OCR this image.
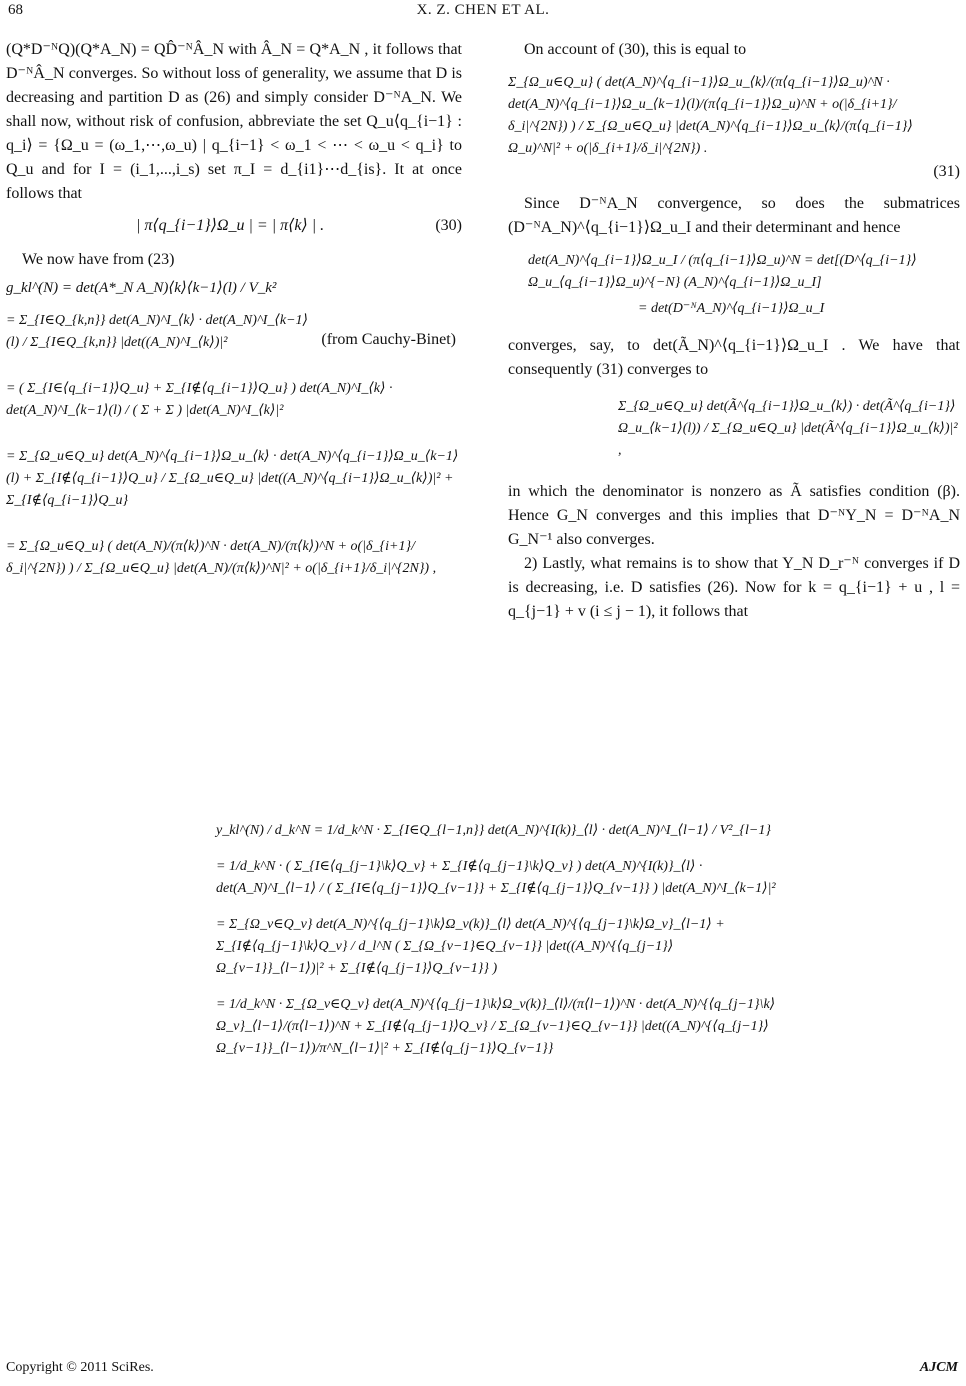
68	X. Z. CHEN ET AL.

(Q*D⁻ᴺQ)(Q*A_N) = QD̂⁻ᴺÂ_N with Â_N = Q*A_N , it follows that D⁻ᴺÂ_N converges. So without loss of generality, we assume that D is decreasing and partition D as (26) and simply consider D⁻ᴺA_N. We shall now, without risk of confusion, abbreviate the set Q_u⟨q_{i−1} : q_i⟩ = {Ω_u = (ω_1,⋯,ω_u) | q_{i−1} < ω_1 < ⋯ < ω_u < q_i} to Q_u and for I = (i_1,...,i_s) set π_I = d_{i1}⋯d_{is}. It at once follows that

| π⟨q_{i−1}⟩Ω_u | = | π⟨k⟩ | .	(30)

We now have from (23)

g_kl^(N) = det(A*_N A_N)⟨k⟩⟨k−1⟩(l) / V_k²
= Σ_{I∈Q_{k,n}} det(A_N)^I_⟨k⟩ · det(A_N)^I_⟨k−1⟩(l) / Σ_{I∈Q_{k,n}} |det((A_N)^I_⟨k⟩)|²	(from Cauchy-Binet)
= ( Σ_{I∈⟨q_{i−1}⟩Q_u} + Σ_{I∉⟨q_{i−1}⟩Q_u} ) det(A_N)^I_⟨k⟩ · det(A_N)^I_⟨k−1⟩(l) / ( Σ + Σ ) |det(A_N)^I_⟨k⟩|²
= Σ_{Ω_u∈Q_u} det(A_N)^⟨q_{i−1}⟩Ω_u_⟨k⟩ · det(A_N)^⟨q_{i−1}⟩Ω_u_⟨k−1⟩(l) + Σ_{I∉⟨q_{i−1}⟩Q_u} / Σ_{Ω_u∈Q_u} |det((A_N)^⟨q_{i−1}⟩Ω_u_⟨k⟩)|² + Σ_{I∉⟨q_{i−1}⟩Q_u}
= Σ_{Ω_u∈Q_u} ( det(A_N)/(π⟨k⟩)^N · det(A_N)/(π⟨k⟩)^N + o(|δ_{i+1}/δ_i|^{2N}) ) / Σ_{Ω_u∈Q_u} |det(A_N)/(π⟨k⟩)^N|² + o(|δ_{i+1}/δ_i|^{2N}) ,

On account of (30), this is equal to

Σ_{Ω_u∈Q_u} ( det(A_N)^⟨q_{i−1}⟩Ω_u_⟨k⟩/(π⟨q_{i−1}⟩Ω_u)^N · det(A_N)^⟨q_{i−1}⟩Ω_u_⟨k−1⟩(l)/(π⟨q_{i−1}⟩Ω_u)^N + o(|δ_{i+1}/δ_i|^{2N}) ) / Σ_{Ω_u∈Q_u} |det(A_N)^⟨q_{i−1}⟩Ω_u_⟨k⟩/(π⟨q_{i−1}⟩Ω_u)^N|² + o(|δ_{i+1}/δ_i|^{2N}) .
(31)

Since D⁻ᴺA_N convergence, so does the submatrices (D⁻ᴺA_N)^⟨q_{i−1}⟩Ω_u_I and their determinant and hence

det(A_N)^⟨q_{i−1}⟩Ω_u_I / (π⟨q_{i−1}⟩Ω_u)^N = det[(D^⟨q_{i−1}⟩Ω_u_⟨q_{i−1}⟩Ω_u)^{−N} (A_N)^⟨q_{i−1}⟩Ω_u_I]
= det(D⁻ᴺA_N)^⟨q_{i−1}⟩Ω_u_I

converges, say, to det(Ã_N)^⟨q_{i−1}⟩Ω_u_I . We have that consequently (31) converges to

Σ_{Ω_u∈Q_u} det(Ã^⟨q_{i−1}⟩Ω_u_⟨k⟩) · det(Ã^⟨q_{i−1}⟩Ω_u_⟨k−1⟩(l)) / Σ_{Ω_u∈Q_u} |det(Ã^⟨q_{i−1}⟩Ω_u_⟨k⟩)|² ,

in which the denominator is nonzero as Ã satisfies condition (β). Hence G_N converges and this implies that D⁻ᴺY_N = D⁻ᴺA_N G_N⁻¹ also converges.

2) Lastly, what remains is to show that Y_N D_r⁻ᴺ converges if D is decreasing, i.e. D satisfies (26). Now for k = q_{i−1} + u , l = q_{j−1} + v (i ≤ j − 1), it follows that

y_kl^(N) / d_k^N = 1/d_k^N · Σ_{I∈Q_{l−1,n}} det(A_N)^{I(k)}_⟨l⟩ · det(A_N)^I_⟨l−1⟩ / V²_{l−1}
= 1/d_k^N · ( Σ_{I∈⟨q_{j−1}\k⟩Q_v} + Σ_{I∉⟨q_{j−1}\k⟩Q_v} ) det(A_N)^{I(k)}_⟨l⟩ · det(A_N)^I_⟨l−1⟩ / ( Σ_{I∈⟨q_{j−1}⟩Q_{v−1}} + Σ_{I∉⟨q_{j−1}⟩Q_{v−1}} ) |det(A_N)^I_⟨k−1⟩|²
= Σ_{Ω_v∈Q_v} det(A_N)^{⟨q_{j−1}\k⟩Ω_v(k)}_⟨l⟩ det(A_N)^{⟨q_{j−1}\k⟩Ω_v}_⟨l−1⟩ + Σ_{I∉⟨q_{j−1}\k⟩Q_v} / d_l^N ( Σ_{Ω_{v−1}∈Q_{v−1}} |det((A_N)^{⟨q_{j−1}⟩Ω_{v−1}}_⟨l−1⟩)|² + Σ_{I∉⟨q_{j−1}⟩Q_{v−1}} )
= 1/d_k^N · Σ_{Ω_v∈Q_v} det(A_N)^{⟨q_{j−1}\k⟩Ω_v(k)}_⟨l⟩/(π⟨l−1⟩)^N · det(A_N)^{⟨q_{j−1}\k⟩Ω_v}_⟨l−1⟩/(π⟨l−1⟩)^N + Σ_{I∉⟨q_{j−1}⟩Q_v} / Σ_{Ω_{v−1}∈Q_{v−1}} |det((A_N)^{⟨q_{j−1}⟩Ω_{v−1}}_⟨l−1⟩)/π^N_⟨l−1⟩|² + Σ_{I∉⟨q_{j−1}⟩Q_{v−1}}
Copyright © 2011 SciRes.	AJCM
